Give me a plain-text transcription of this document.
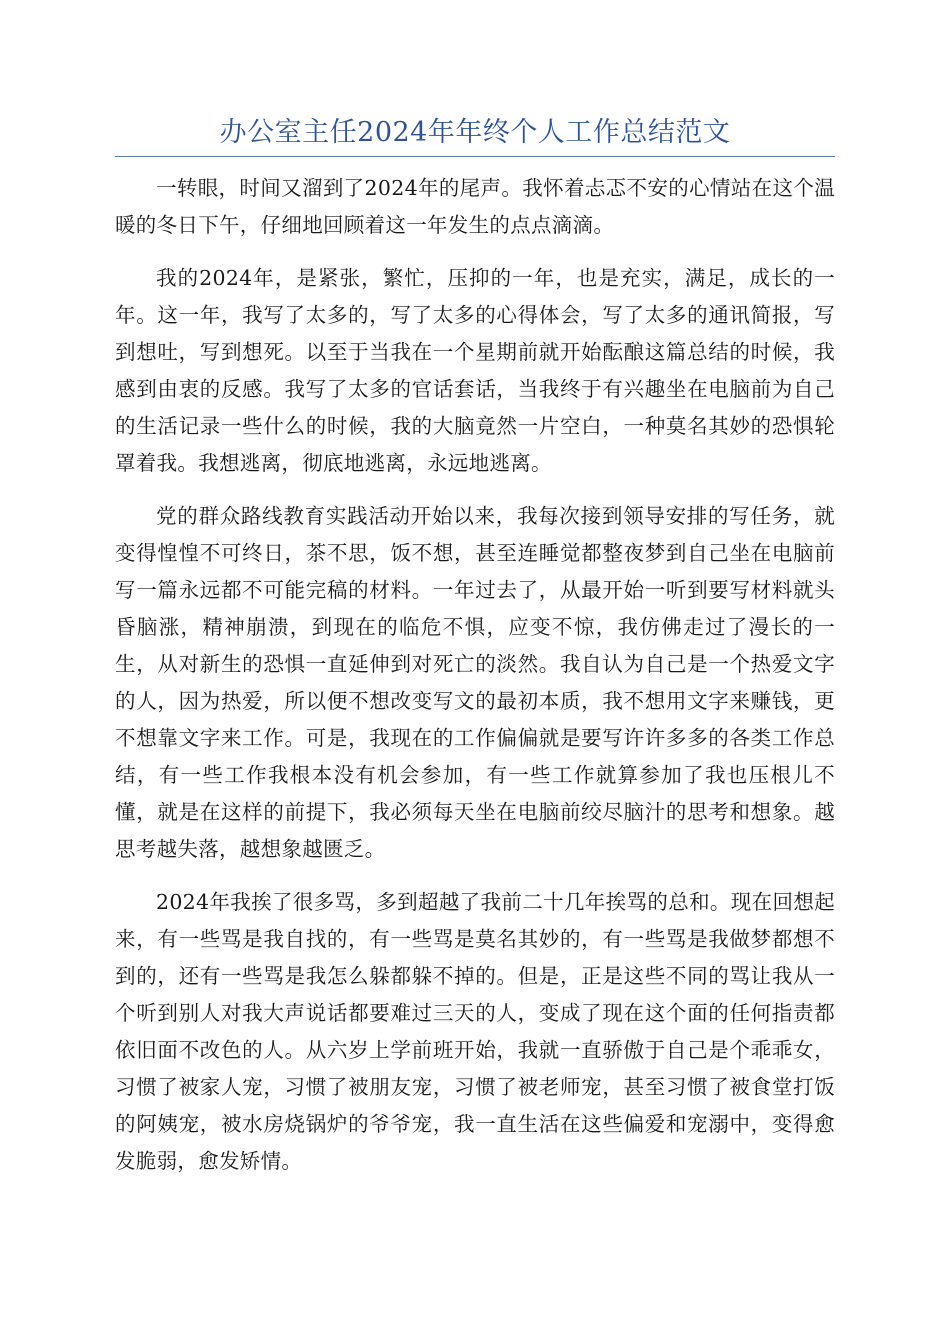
办公室主任2024年年终个人工作总结范文

一转眼，时间又溜到了2024年的尾声。我怀着忐忑不安的心情站在这个温暖的冬日下午，仔细地回顾着这一年发生的点点滴滴。

我的2024年，是紧张，繁忙，压抑的一年，也是充实，满足，成长的一年。这一年，我写了太多的，写了太多的心得体会，写了太多的通讯简报，写到想吐，写到想死。以至于当我在一个星期前就开始酝酿这篇总结的时候，我感到由衷的反感。我写了太多的官话套话，当我终于有兴趣坐在电脑前为自己的生活记录一些什么的时候，我的大脑竟然一片空白，一种莫名其妙的恐惧轮罩着我。我想逃离，彻底地逃离，永远地逃离。

党的群众路线教育实践活动开始以来，我每次接到领导安排的写任务，就变得惶惶不可终日，茶不思，饭不想，甚至连睡觉都整夜梦到自己坐在电脑前写一篇永远都不可能完稿的材料。一年过去了，从最开始一听到要写材料就头昏脑涨，精神崩溃，到现在的临危不惧，应变不惊，我仿佛走过了漫长的一生，从对新生的恐惧一直延伸到对死亡的淡然。我自认为自己是一个热爱文字的人，因为热爱，所以便不想改变写文的最初本质，我不想用文字来赚钱，更不想靠文字来工作。可是，我现在的工作偏偏就是要写许许多多的各类工作总结，有一些工作我根本没有机会参加，有一些工作就算参加了我也压根儿不懂，就是在这样的前提下，我必须每天坐在电脑前绞尽脑汁的思考和想象。越思考越失落，越想象越匮乏。

2024年我挨了很多骂，多到超越了我前二十几年挨骂的总和。现在回想起来，有一些骂是我自找的，有一些骂是莫名其妙的，有一些骂是我做梦都想不到的，还有一些骂是我怎么躲都躲不掉的。但是，正是这些不同的骂让我从一个听到别人对我大声说话都要难过三天的人，变成了现在这个面的任何指责都依旧面不改色的人。从六岁上学前班开始，我就一直骄傲于自己是个乖乖女，习惯了被家人宠，习惯了被朋友宠，习惯了被老师宠，甚至习惯了被食堂打饭的阿姨宠，被水房烧锅炉的爷爷宠，我一直生活在这些偏爱和宠溺中，变得愈发脆弱，愈发矫情。
